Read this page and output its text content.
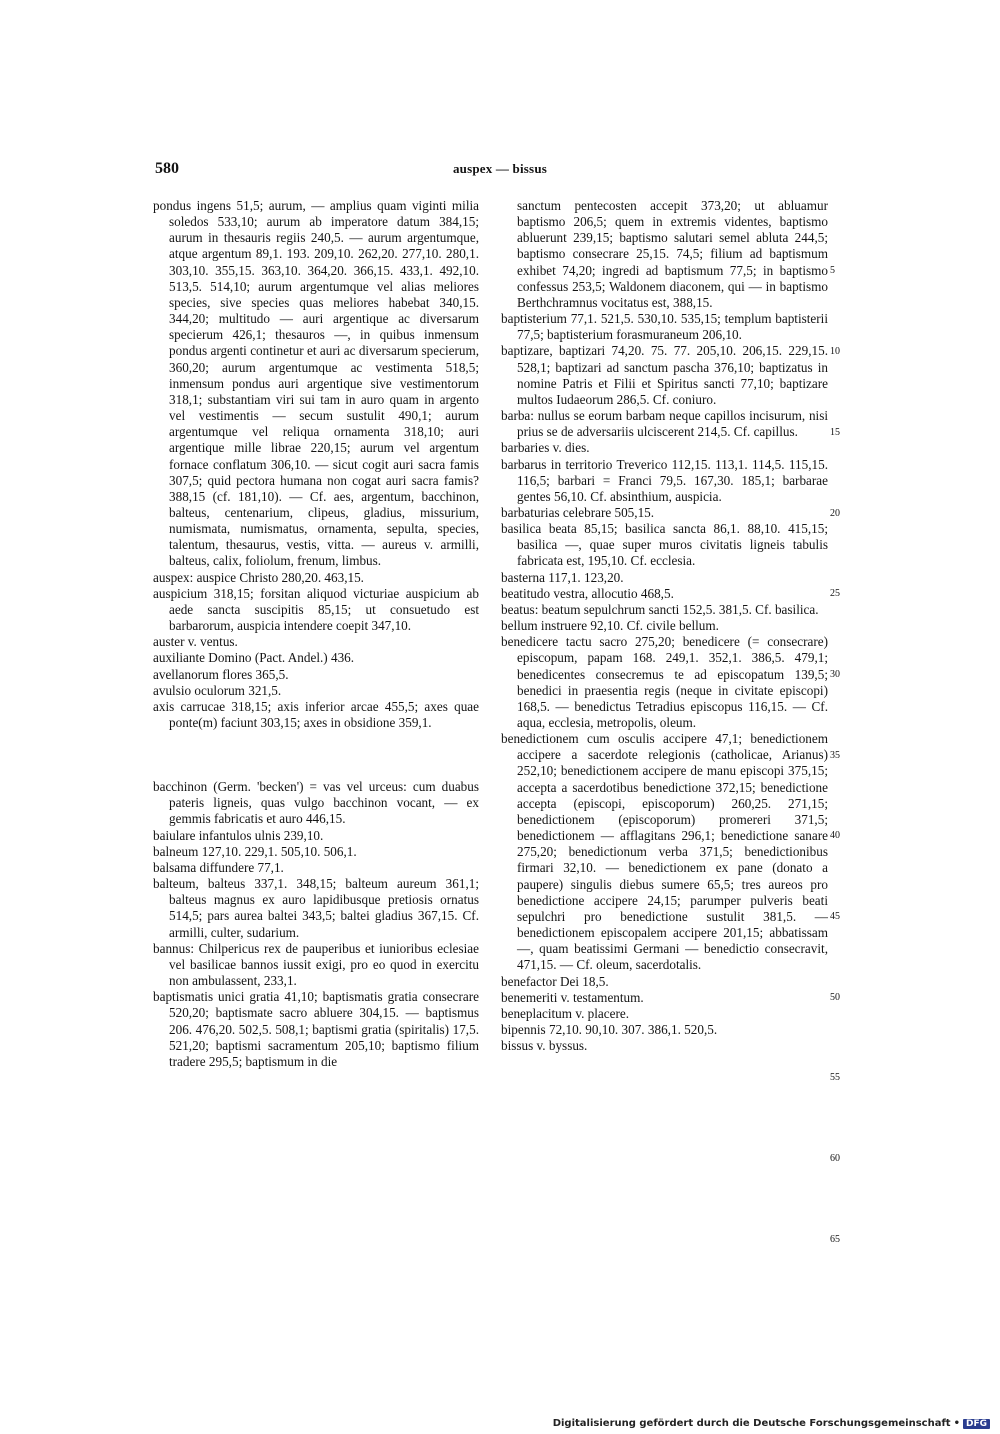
580	auspex — bissus

pondus ingens 51,5; aurum, — amplius quam viginti milia soledos 533,10; aurum ab imperatore datum 384,15; aurum in thesauris regiis 240,5. — aurum argentumque, atque argentum 89,1. 193. 209,10. 262,20. 277,10. 280,1. 303,10. 355,15. 363,10. 364,20. 366,15. 433,1. 492,10. 513,5. 514,10; aurum argentumque vel alias meliores species, sive species quas meliores habebat 340,15. 344,20; multitudo — auri argentique ac diversarum specierum 426,1; thesauros —, in quibus inmensum pondus argenti continetur et auri ac diversarum specierum, 360,20; aurum argentumque ac vestimenta 518,5; inmensum pondus auri argentique sive vestimentorum 318,1; substantiam viri sui tam in auro quam in argento vel vestimentis — secum sustulit 490,1; aurum argentumque vel reliqua ornamenta 318,10; auri argentique mille librae 220,15; aurum vel argentum fornace conflatum 306,10. — sicut cogit auri sacra famis 307,5; quid pectora humana non cogat auri sacra famis? 388,15 (cf. 181,10). — Cf. aes, argentum, bacchinon, balteus, centenarium, clipeus, gladius, missurium, numismata, numismatus, ornamenta, sepulta, species, talentum, thesaurus, vestis, vitta. — aureus v. armilli, balteus, calix, foliolum, frenum, limbus.

auspex: auspice Christo 280,20. 463,15.

auspicium 318,15; forsitan aliquod victuriae auspicium ab aede sancta suscipitis 85,15; ut consuetudo est barbarorum, auspicia intendere coepit 347,10.

auster v. ventus.

auxiliante Domino (Pact. Andel.) 436.

avellanorum flores 365,5.

avulsio oculorum 321,5.

axis carrucae 318,15; axis inferior arcae 455,5; axes quae ponte(m) faciunt 303,15; axes in obsidione 359,1.

bacchinon (Germ. 'becken') = vas vel urceus: cum duabus pateris ligneis, quas vulgo bacchinon vocant, — ex gemmis fabricatis et auro 446,15.

baiulare infantulos ulnis 239,10.

balneum 127,10. 229,1. 505,10. 506,1.

balsama diffundere 77,1.

balteum, balteus 337,1. 348,15; balteum aureum 361,1; balteus magnus ex auro lapidibusque pretiosis ornatus 514,5; pars aurea baltei 343,5; baltei gladius 367,15. Cf. armilli, culter, sudarium.

bannus: Chilpericus rex de pauperibus et iunioribus eclesiae vel basilicae bannos iussit exigi, pro eo quod in exercitu non ambulassent, 233,1.

baptismatis unici gratia 41,10; baptismatis gratia consecrare 520,20; baptismate sacro abluere 304,15. — baptismus 206. 476,20. 502,5. 508,1; baptismi gratia (spiritalis) 17,5. 521,20; baptismi sacramentum 205,10; baptismo filium tradere 295,5; baptismum in die

sanctum pentecosten accepit 373,20; ut abluamur baptismo 206,5; quem in extremis videntes, baptismo abluerunt 239,15; baptismo salutari semel abluta 244,5; baptismo consecrare 25,15. 74,5; filium ad baptismum exhibet 74,20; ingredi ad baptismum 77,5; in baptismo confessus 253,5; Waldonem diaconem, qui — in baptismo Berthchramnus vocitatus est, 388,15.

baptisterium 77,1. 521,5. 530,10. 535,15; templum baptisterii 77,5; baptisterium forasmuraneum 206,10.

baptizare, baptizari 74,20. 75. 77. 205,10. 206,15. 229,15. 528,1; baptizari ad sanctum pascha 376,10; baptizatus in nomine Patris et Filii et Spiritus sancti 77,10; baptizare multos Iudaeorum 286,5. Cf. coniuro.

barba: nullus se eorum barbam neque capillos incisurum, nisi prius se de adversariis ulciscerent 214,5. Cf. capillus.

barbaries v. dies.

barbarus in territorio Treverico 112,15. 113,1. 114,5. 115,15. 116,5; barbari = Franci 79,5. 167,30. 185,1; barbarae gentes 56,10. Cf. absinthium, auspicia.

barbaturias celebrare 505,15.

basilica beata 85,15; basilica sancta 86,1. 88,10. 415,15; basilica —, quae super muros civitatis ligneis tabulis fabricata est, 195,10. Cf. ecclesia.

basterna 117,1. 123,20.

beatitudo vestra, allocutio 468,5.

beatus: beatum sepulchrum sancti 152,5. 381,5. Cf. basilica.

bellum instruere 92,10. Cf. civile bellum.

benedicere tactu sacro 275,20; benedicere (= consecrare) episcopum, papam 168. 249,1. 352,1. 386,5. 479,1; benedicentes consecremus te ad episcopatum 139,5; benedici in praesentia regis (neque in civitate episcopi) 168,5. — benedictus Tetradius episcopus 116,15. — Cf. aqua, ecclesia, metropolis, oleum.

benedictionem cum osculis accipere 47,1; benedictionem accipere a sacerdote relegionis (catholicae, Arianus) 252,10; benedictionem accipere de manu episcopi 375,15; accepta a sacerdotibus benedictione 372,15; benedictione accepta (episcopi, episcoporum) 260,25. 271,15; benedictionem (episcoporum) promereri 371,5; benedictionem — afflagitans 296,1; benedictione sanare 275,20; benedictionum verba 371,5; benedictionibus firmari 32,10. — benedictionem ex pane (donato a paupere) singulis diebus sumere 65,5; tres aureos pro benedictione accipere 24,15; parumper pulveris beati sepulchri pro benedictione sustulit 381,5. — benedictionem episcopalem accipere 201,15; abbatissam —, quam beatissimi Germani — benedictio consecravit, 471,15. — Cf. oleum, sacerdotalis.

benefactor Dei 18,5.

benemeriti v. testamentum.

beneplacitum v. placere.

bipennis 72,10. 90,10. 307. 386,1. 520,5.

bissus v. byssus.

5
10
15
20
25
30
35
40
45
50
55
60
65
Digitalisierung gefördert durch die Deutsche Forschungsgemeinschaft • DFG
